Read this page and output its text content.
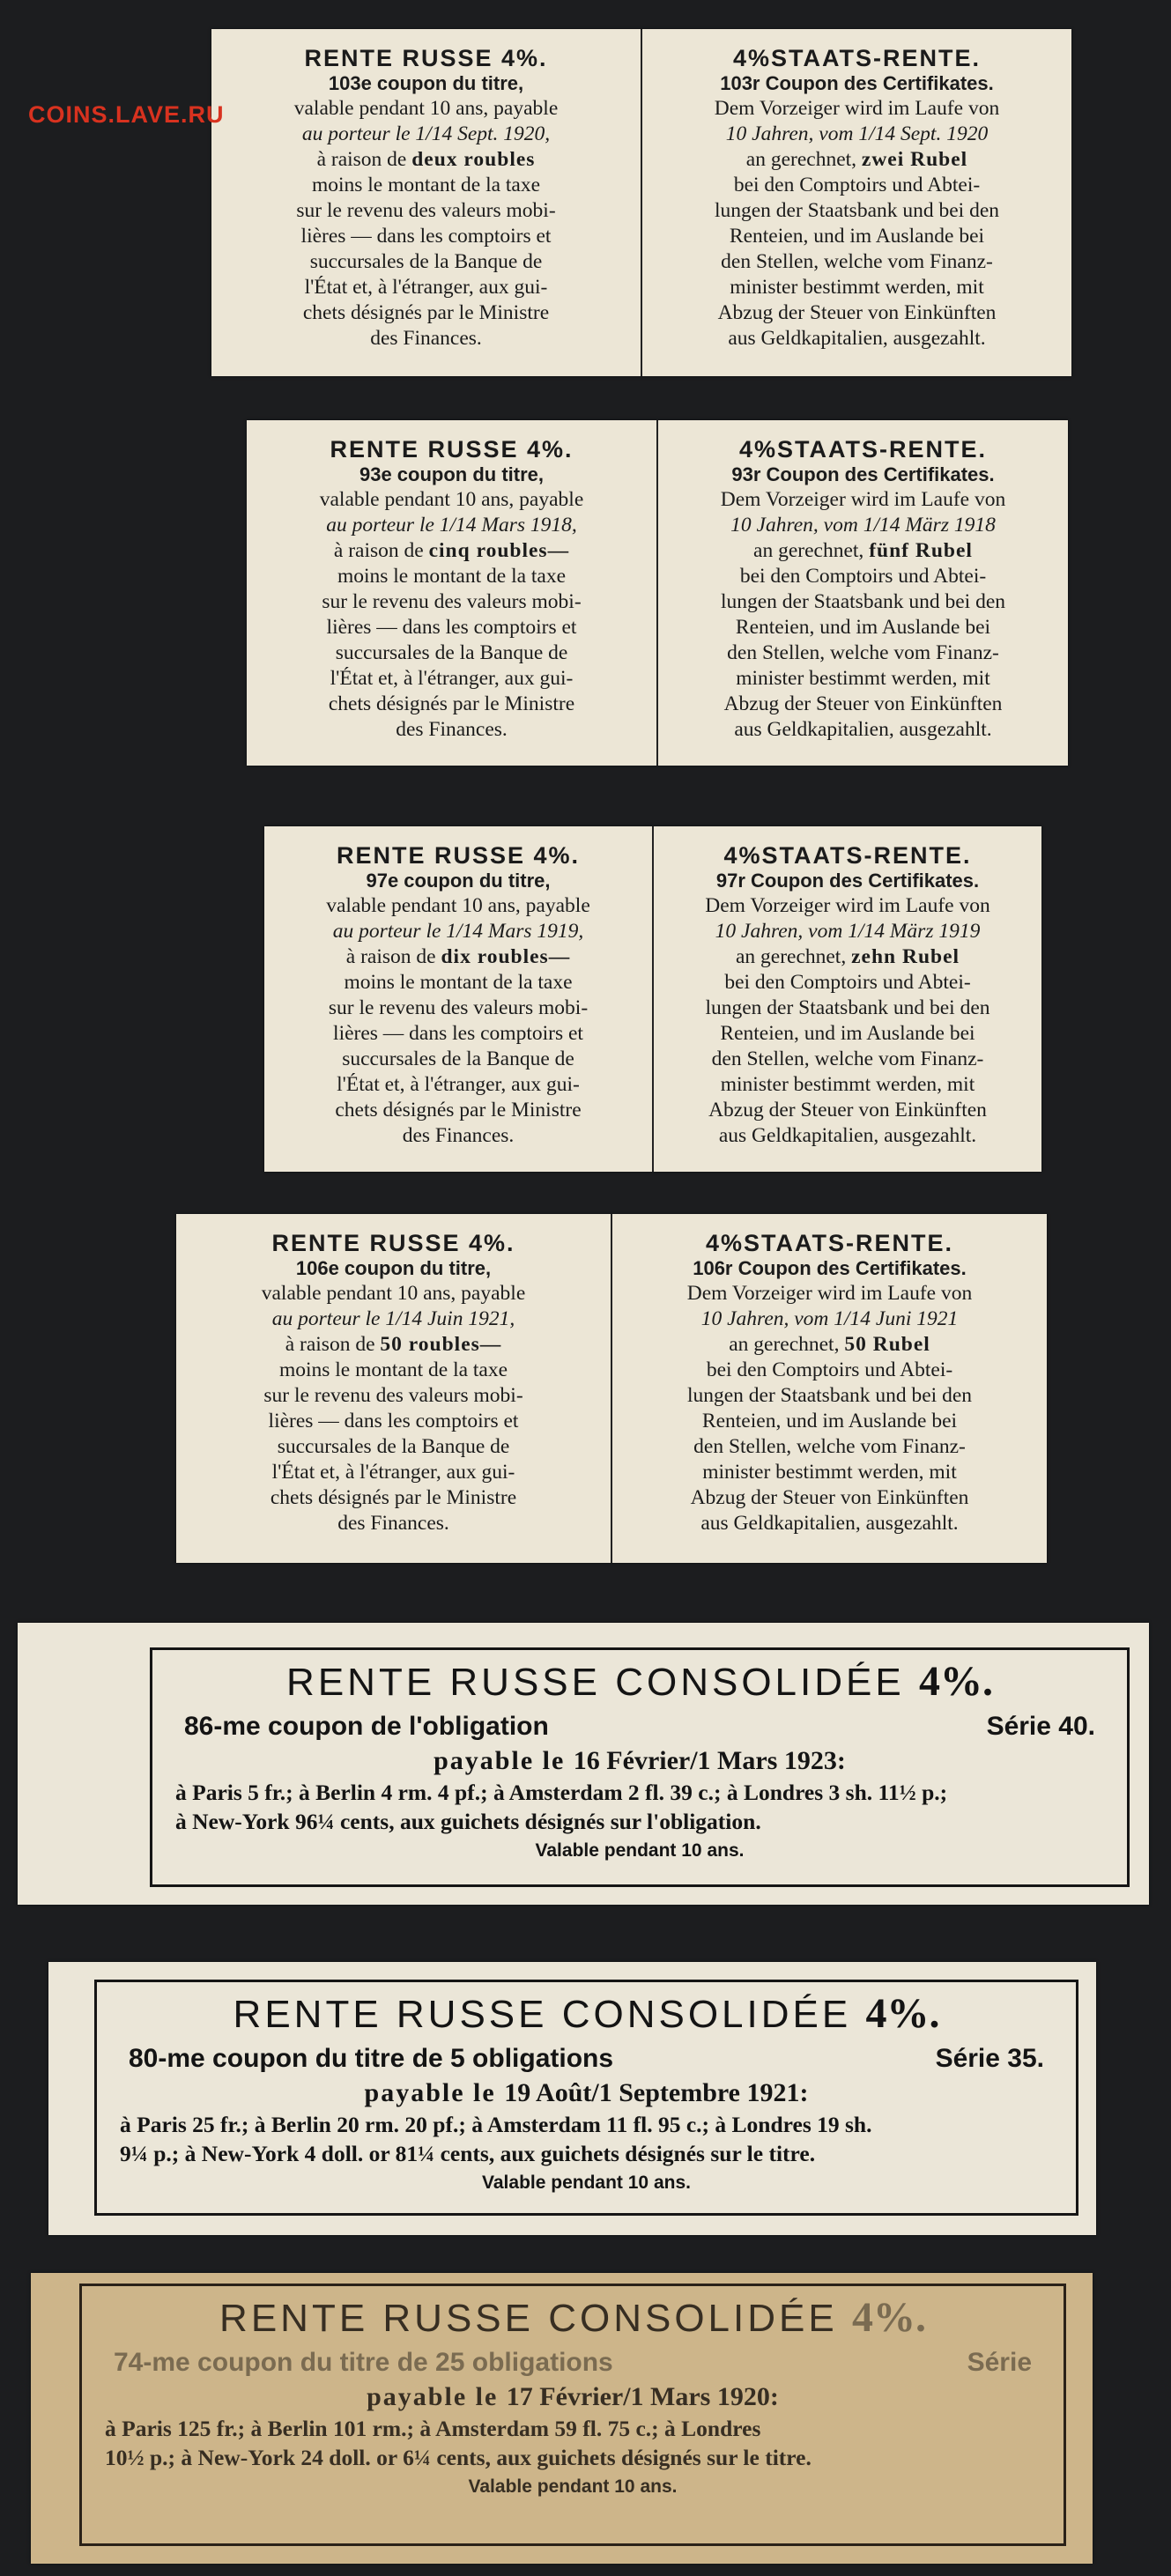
COINS.LAVE.RU
RENTE RUSSE 4%.
103e coupon du titre,
valable pendant 10 ans, payable
au porteur le 1/14 Sept. 1920,
à raison de deux roubles
moins le montant de la taxe
sur le revenu des valeurs mobi-
lières — dans les comptoirs et
succursales de la Banque de
l'État et, à l'étranger, aux gui-
chets désignés par le Ministre
des Finances.
4%STAATS-RENTE.
103r Coupon des Certifikates.
Dem Vorzeiger wird im Laufe von
10 Jahren, vom 1/14 Sept. 1920
an gerechnet, zwei Rubel
bei den Comptoirs und Abtei-
lungen der Staatsbank und bei den
Renteien, und im Auslande bei
den Stellen, welche vom Finanz-
minister bestimmt werden, mit
Abzug der Steuer von Einkünften
aus Geldkapitalien, ausgezahlt.
RENTE RUSSE 4%.
93e coupon du titre,
valable pendant 10 ans, payable
au porteur le 1/14 Mars 1918,
à raison de cinq roubles—
moins le montant de la taxe
sur le revenu des valeurs mobi-
lières — dans les comptoirs et
succursales de la Banque de
l'État et, à l'étranger, aux gui-
chets désignés par le Ministre
des Finances.
4%STAATS-RENTE.
93r Coupon des Certifikates.
Dem Vorzeiger wird im Laufe von
10 Jahren, vom 1/14 März 1918
an gerechnet, fünf Rubel
bei den Comptoirs und Abtei-
lungen der Staatsbank und bei den
Renteien, und im Auslande bei
den Stellen, welche vom Finanz-
minister bestimmt werden, mit
Abzug der Steuer von Einkünften
aus Geldkapitalien, ausgezahlt.
RENTE RUSSE 4%.
97e coupon du titre,
valable pendant 10 ans, payable
au porteur le 1/14 Mars 1919,
à raison de dix roubles—
moins le montant de la taxe
sur le revenu des valeurs mobi-
lières — dans les comptoirs et
succursales de la Banque de
l'État et, à l'étranger, aux gui-
chets désignés par le Ministre
des Finances.
4%STAATS-RENTE.
97r Coupon des Certifikates.
Dem Vorzeiger wird im Laufe von
10 Jahren, vom 1/14 März 1919
an gerechnet, zehn Rubel
bei den Comptoirs und Abtei-
lungen der Staatsbank und bei den
Renteien, und im Auslande bei
den Stellen, welche vom Finanz-
minister bestimmt werden, mit
Abzug der Steuer von Einkünften
aus Geldkapitalien, ausgezahlt.
RENTE RUSSE 4%.
106e coupon du titre,
valable pendant 10 ans, payable
au porteur le 1/14 Juin 1921,
à raison de 50 roubles—
moins le montant de la taxe
sur le revenu des valeurs mobi-
lières — dans les comptoirs et
succursales de la Banque de
l'État et, à l'étranger, aux gui-
chets désignés par le Ministre
des Finances.
4%STAATS-RENTE.
106r Coupon des Certifikates.
Dem Vorzeiger wird im Laufe von
10 Jahren, vom 1/14 Juni 1921
an gerechnet, 50 Rubel
bei den Comptoirs und Abtei-
lungen der Staatsbank und bei den
Renteien, und im Auslande bei
den Stellen, welche vom Finanz-
minister bestimmt werden, mit
Abzug der Steuer von Einkünften
aus Geldkapitalien, ausgezahlt.
RENTE RUSSE CONSOLIDÉE 4%.
86-me coupon de l'obligation	Série 40.
payable le 16 Février/1 Mars 1923:
à Paris 5 fr.; à Berlin 4 rm. 4 pf.; à Amsterdam 2 fl. 39 c.; à Londres 3 sh. 11½ p.;
à New-York 96¼ cents, aux guichets désignés sur l'obligation.
Valable pendant 10 ans.
RENTE RUSSE CONSOLIDÉE 4%.
80-me coupon du titre de 5 obligations	Série 35.
payable le 19 Août/1 Septembre 1921:
à Paris 25 fr.; à Berlin 20 rm. 20 pf.; à Amsterdam 11 fl. 95 c.; à Londres 19 sh.
9¼ p.; à New-York 4 doll. or 81¼ cents, aux guichets désignés sur le titre.
Valable pendant 10 ans.
RENTE RUSSE CONSOLIDÉE 4%.
74-me coupon du titre de 25 obligations	Série
payable le 17 Février/1 Mars 1920:
à Paris 125 fr.; à Berlin 101 rm.; à Amsterdam 59 fl. 75 c.; à Londres
10½ p.; à New-York 24 doll. or 6¼ cents, aux guichets désignés sur le titre.
Valable pendant 10 ans.
